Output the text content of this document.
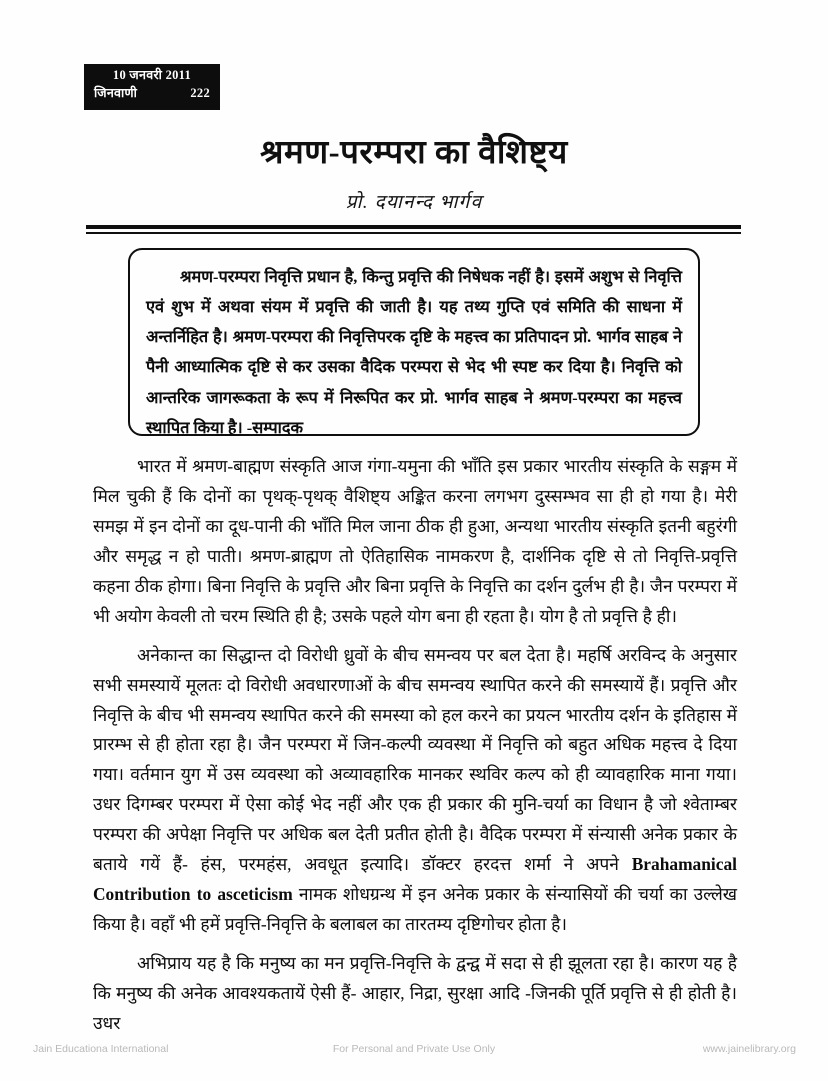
10 जनवरी 2011
जिनवाणी	222
श्रमण-परम्परा का वैशिष्ट्य
प्रो. दयानन्द भार्गव
श्रमण-परम्परा निवृत्ति प्रधान है, किन्तु प्रवृत्ति की निषेधक नहीं है। इसमें अशुभ से निवृत्ति एवं शुभ में अथवा संयम में प्रवृत्ति की जाती है। यह तथ्य गुप्ति एवं समिति की साधना में अन्तर्निहित है। श्रमण-परम्परा की निवृत्तिपरक दृष्टि के महत्त्व का प्रतिपादन प्रो. भार्गव साहब ने पैनी आध्यात्मिक दृष्टि से कर उसका वैदिक परम्परा से भेद भी स्पष्ट कर दिया है। निवृत्ति को आन्तरिक जागरूकता के रूप में निरूपित कर प्रो. भार्गव साहब ने श्रमण-परम्परा का महत्त्व स्थापित किया है। -सम्पादक

भारत में श्रमण-बाह्मण संस्कृति आज गंगा-यमुना की भाँति इस प्रकार भारतीय संस्कृति के सङ्गम में मिल चुकी हैं कि दोनों का पृथक्-पृथक् वैशिष्ट्य अङ्कित करना लगभग दुस्सम्भव सा ही हो गया है। मेरी समझ में इन दोनों का दूध-पानी की भाँति मिल जाना ठीक ही हुआ, अन्यथा भारतीय संस्कृति इतनी बहुरंगी और समृद्ध न हो पाती। श्रमण-ब्राह्मण तो ऐतिहासिक नामकरण है, दार्शनिक दृष्टि से तो निवृत्ति-प्रवृत्ति कहना ठीक होगा। बिना निवृत्ति के प्रवृत्ति और बिना प्रवृत्ति के निवृत्ति का दर्शन दुर्लभ ही है। जैन परम्परा में भी अयोग केवली तो चरम स्थिति ही है; उसके पहले योग बना ही रहता है। योग है तो प्रवृत्ति है ही।

अनेकान्त का सिद्धान्त दो विरोधी ध्रुवों के बीच समन्वय पर बल देता है। महर्षि अरविन्द के अनुसार सभी समस्यायें मूलतः दो विरोधी अवधारणाओं के बीच समन्वय स्थापित करने की समस्यायें हैं। प्रवृत्ति और निवृत्ति के बीच भी समन्वय स्थापित करने की समस्या को हल करने का प्रयत्न भारतीय दर्शन के इतिहास में प्रारम्भ से ही होता रहा है। जैन परम्परा में जिन-कल्पी व्यवस्था में निवृत्ति को बहुत अधिक महत्त्व दे दिया गया। वर्तमान युग में उस व्यवस्था को अव्यावहारिक मानकर स्थविर कल्प को ही व्यावहारिक माना गया। उधर दिगम्बर परम्परा में ऐसा कोई भेद नहीं और एक ही प्रकार की मुनि-चर्या का विधान है जो श्वेताम्बर परम्परा की अपेक्षा निवृत्ति पर अधिक बल देती प्रतीत होती है। वैदिक परम्परा में संन्यासी अनेक प्रकार के बताये गयें हैं- हंस, परमहंस, अवधूत इत्यादि। डॉक्टर हरदत्त शर्मा ने अपने Brahamanical Contribution to asceticism नामक शोधग्रन्थ में इन अनेक प्रकार के संन्यासियों की चर्या का उल्लेख किया है। वहाँ भी हमें प्रवृत्ति-निवृत्ति के बलाबल का तारतम्य दृष्टिगोचर होता है।

अभिप्राय यह है कि मनुष्य का मन प्रवृत्ति-निवृत्ति के द्वन्द्व में सदा से ही झूलता रहा है। कारण यह है कि मनुष्य की अनेक आवश्यकतायें ऐसी हैं- आहार, निद्रा, सुरक्षा आदि -जिनकी पूर्ति प्रवृत्ति से ही होती है। उधर

Jain Educationa International	For Personal and Private Use Only	www.jainelibrary.org
